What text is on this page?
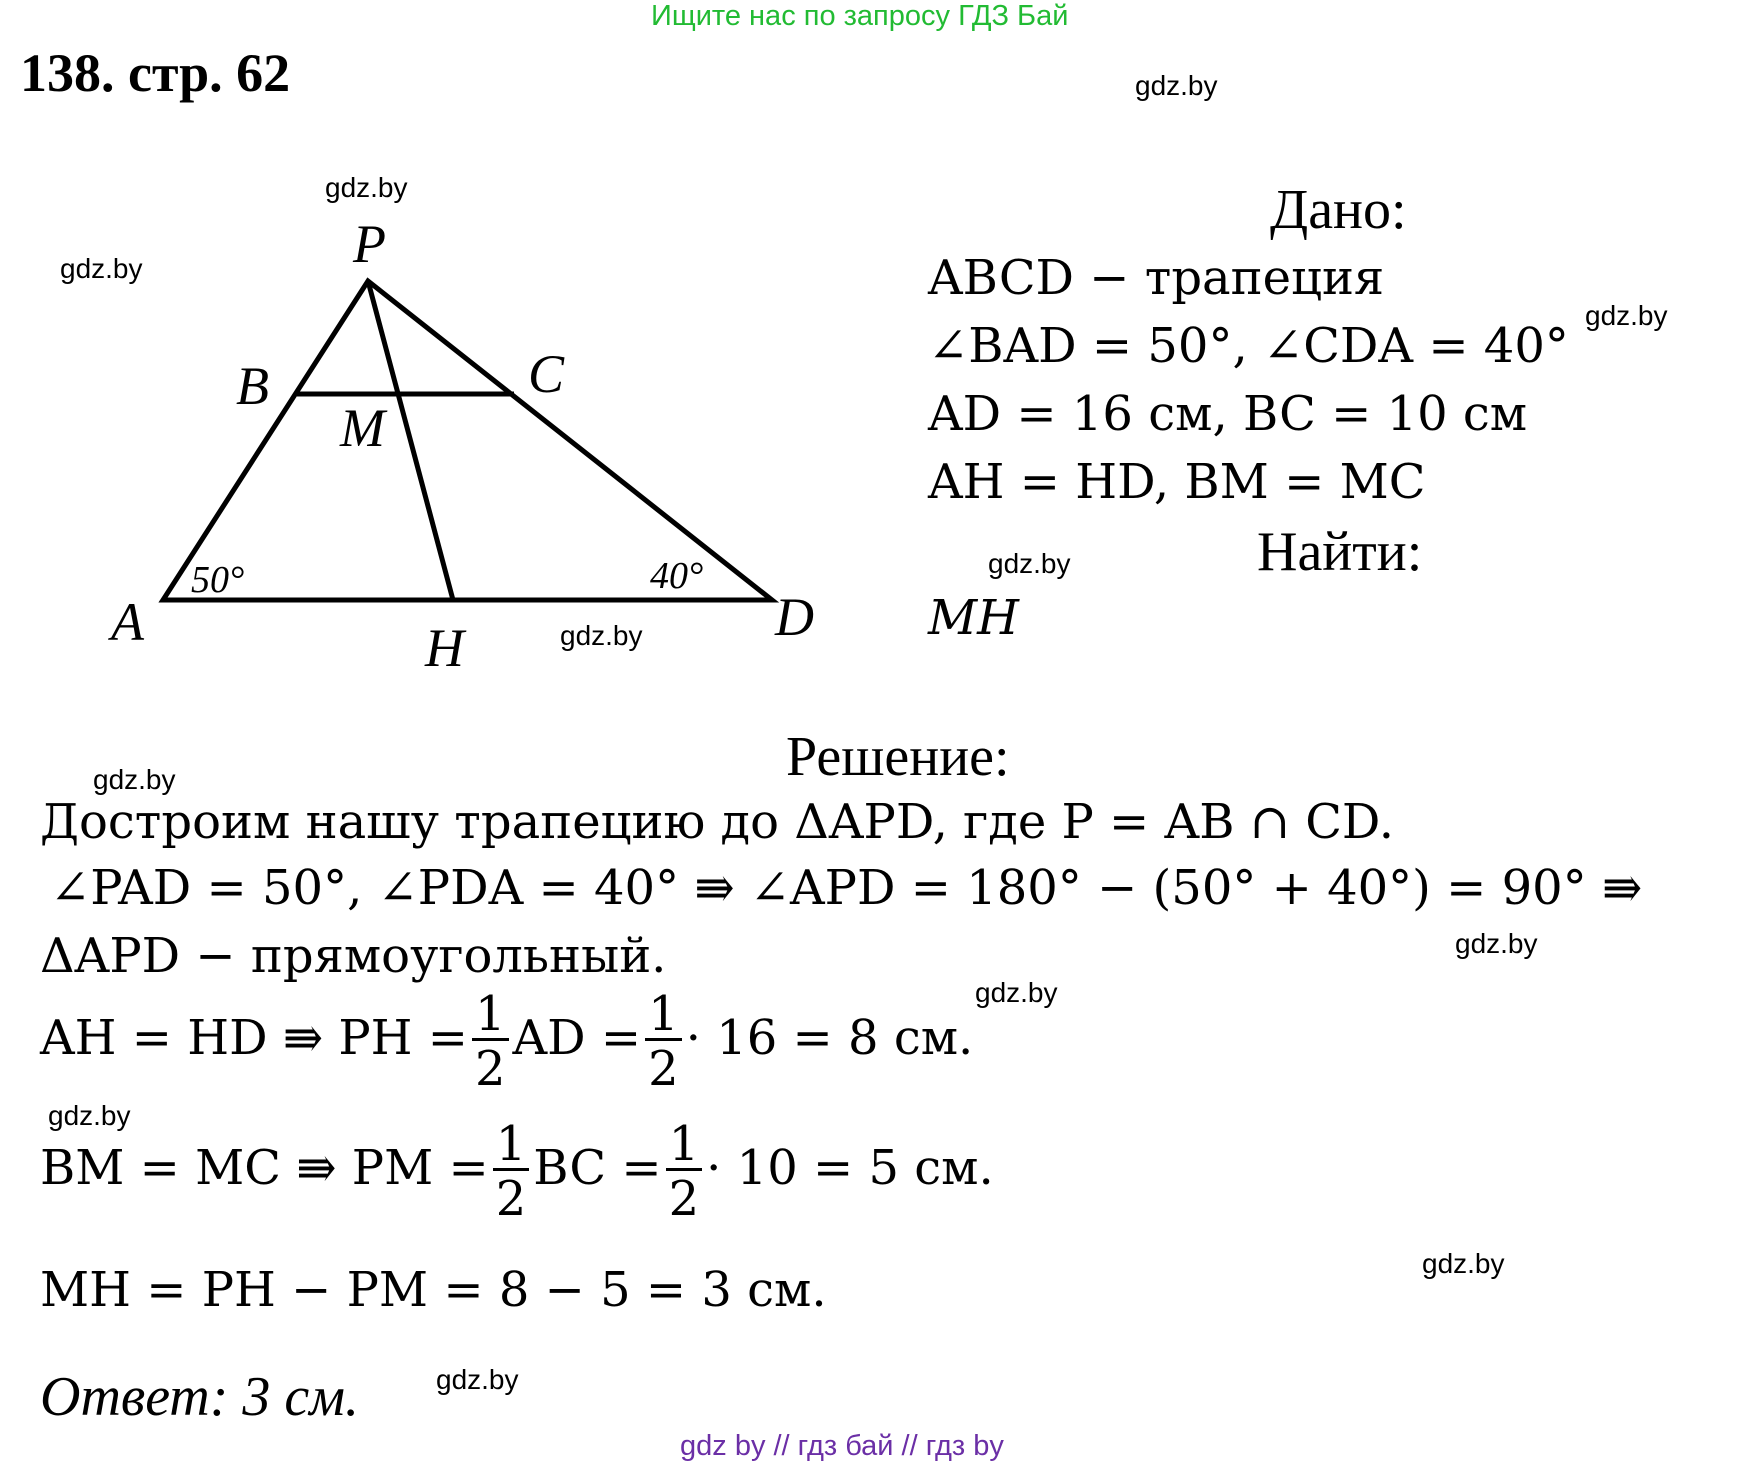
Ищите нас по запросу ГДЗ Бай
138. стр. 62	gdz.by
gdz.by
gdz.by
gdz.by
gdz.by
gdz.by
gdz.by
gdz.by
gdz.by
gdz.by
gdz.by
gdz.by
P
B	C
M
A	H
D
50°	40°
Дано:
ABCD − трапеция
∠BAD = 50°, ∠CDA = 40°
AD = 16 см, BC = 10 см
AH = HD, BM = MC
Найти:
MH
Решение:
Достроим нашу трапецию до ΔAPD, где P = AB ∩ CD.
∠PAD = 50°, ∠PDA = 40° ⇛ ∠APD = 180° − (50° + 40°) = 90° ⇛
ΔAPD − прямоугольный.
AH = HD ⇛ PH = $\frac{1}{2}$ AD = $\frac{1}{2} \cdot 16 = 8$ см.
BM = MC ⇛ PM = $\frac{1}{2}$ BC = $\frac{1}{2} \cdot 10 = 5$ см.
MH = PH − PM = 8 − 5 = 3 см.
Ответ: 3 см.
gdz by // гдз бай // гдз by
